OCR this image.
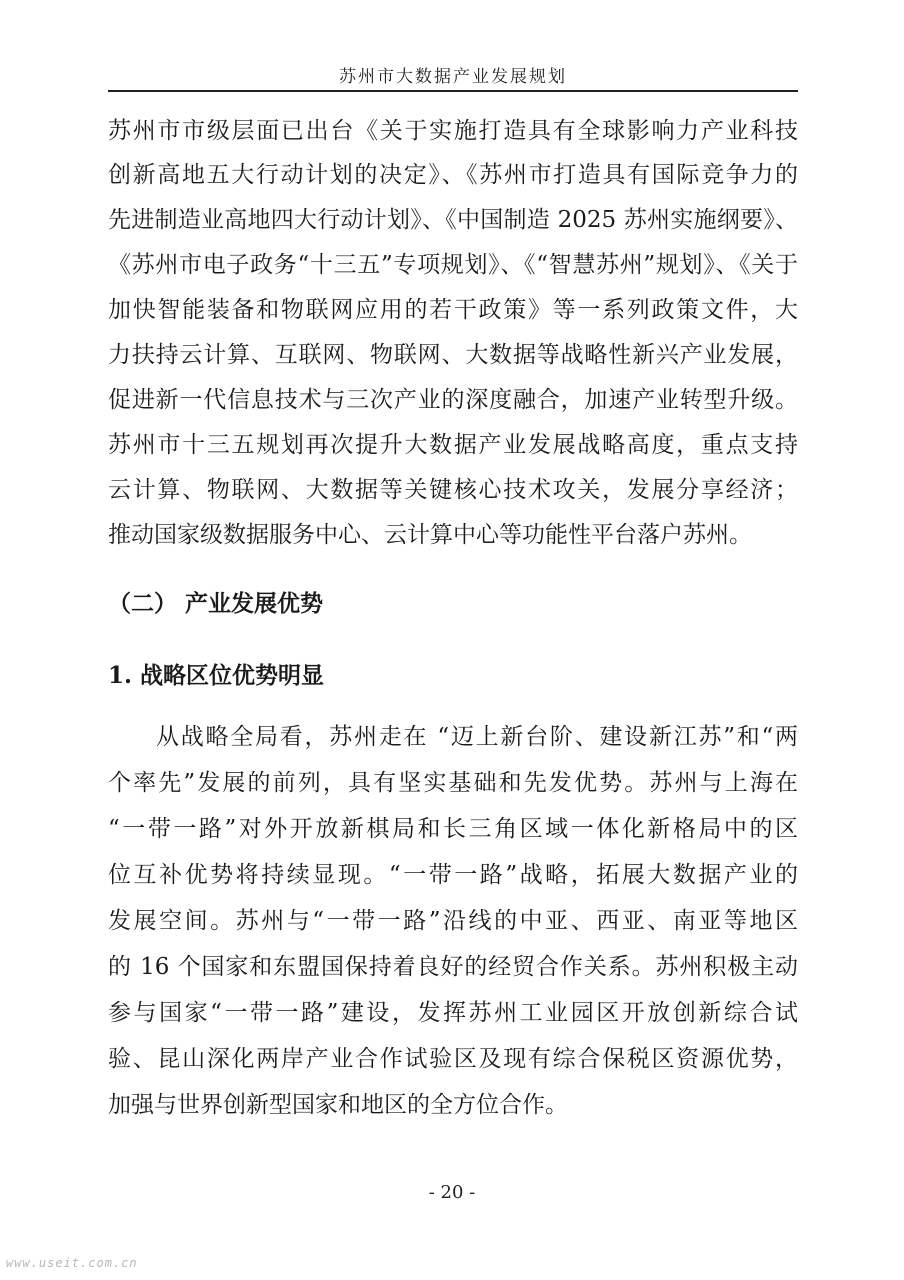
苏州市大数据产业发展规划
苏州市市级层面已出台《关于实施打造具有全球影响力产业科技
创新高地五大行动计划的决定》、《苏州市打造具有国际竞争力的
先进制造业高地四大行动计划》、《中国制造 2025 苏州实施纲要》、
《苏州市电子政务“十三五”专项规划》、《“智慧苏州”规划》、《关于
加快智能装备和物联网应用的若干政策》等一系列政策文件，大
力扶持云计算、互联网、物联网、大数据等战略性新兴产业发展，
促进新一代信息技术与三次产业的深度融合，加速产业转型升级。
苏州市十三五规划再次提升大数据产业发展战略高度，重点支持
云计算、物联网、大数据等关键核心技术攻关，发展分享经济；
推动国家级数据服务中心、云计算中心等功能性平台落户苏州。
（二） 产业发展优势
1. 战略区位优势明显
从战略全局看，苏州走在 “迈上新台阶、建设新江苏”和“两
个率先”发展的前列，具有坚实基础和先发优势。苏州与上海在
“一带一路”对外开放新棋局和长三角区域一体化新格局中的区
位互补优势将持续显现。“一带一路”战略，拓展大数据产业的
发展空间。苏州与“一带一路”沿线的中亚、西亚、南亚等地区
的 16 个国家和东盟国保持着良好的经贸合作关系。苏州积极主动
参与国家“一带一路”建设，发挥苏州工业园区开放创新综合试
验、昆山深化两岸产业合作试验区及现有综合保税区资源优势，
加强与世界创新型国家和地区的全方位合作。
- 20 -
www.useit.com.cn
